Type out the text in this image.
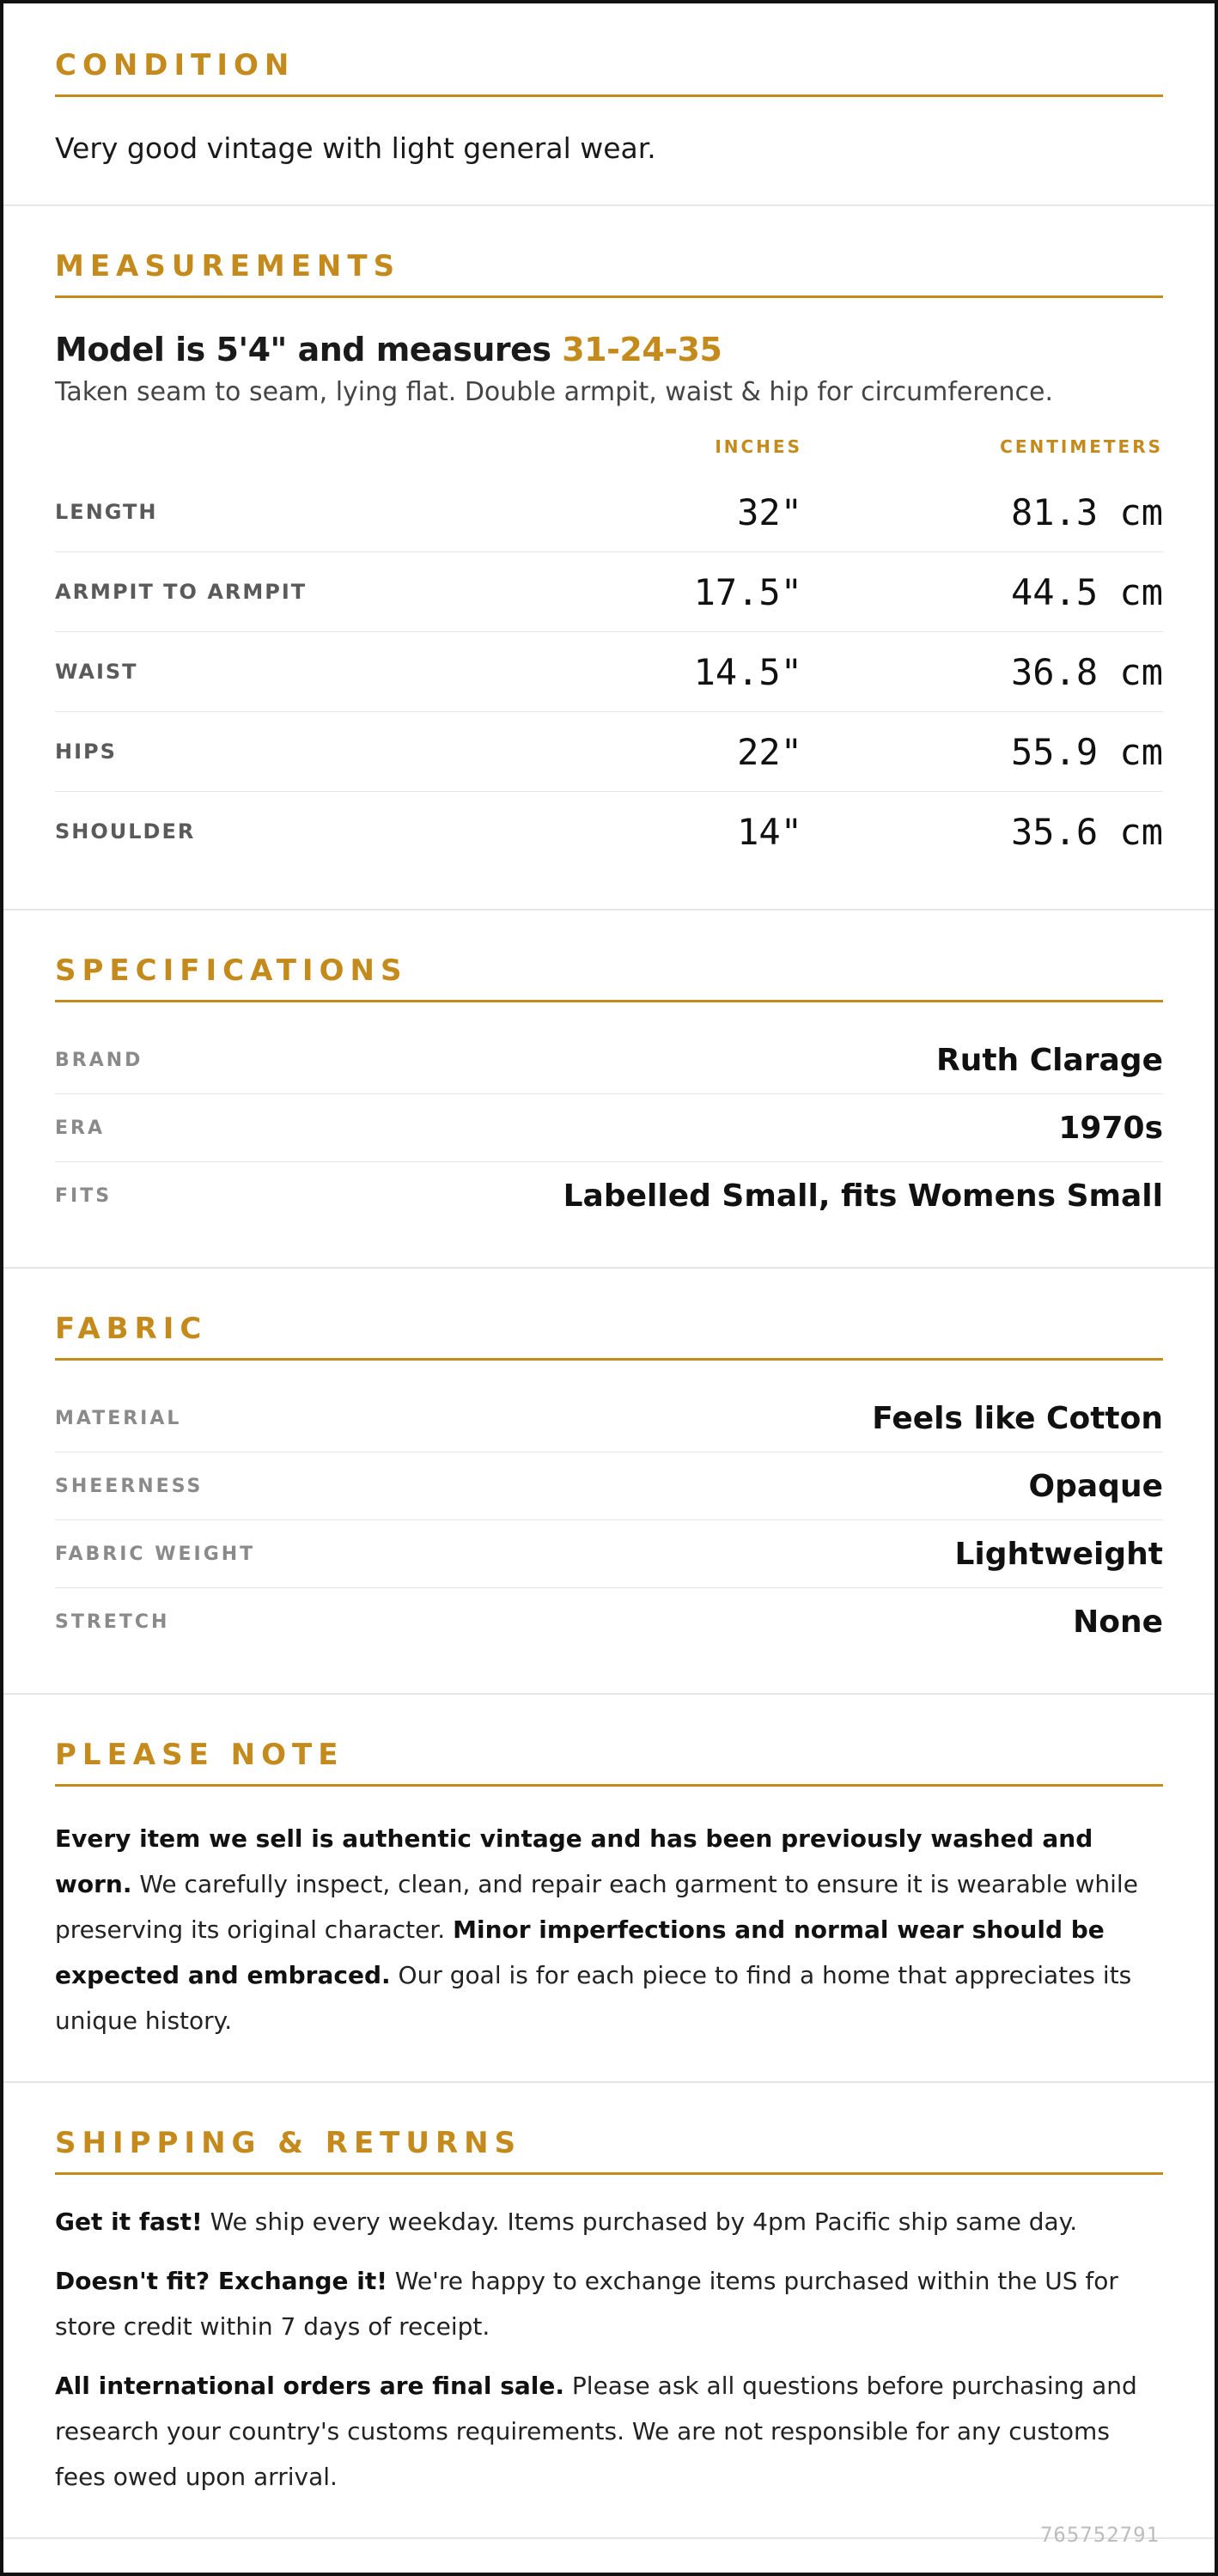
CONDITION
Very good vintage with light general wear.
MEASUREMENTS
Model is 5'4" and measures 31-24-35
Taken seam to seam, lying flat. Double armpit, waist & hip for circumference.
INCHES	CENTIMETERS
LENGTH	32"	81.3 cm
ARMPIT TO ARMPIT	17.5"	44.5 cm
WAIST	14.5"	36.8 cm
HIPS	22"	55.9 cm
SHOULDER	14"	35.6 cm
SPECIFICATIONS
BRAND	Ruth Clarage
ERA	1970s
FITS	Labelled Small, fits Womens Small
FABRIC
MATERIAL	Feels like Cotton
SHEERNESS	Opaque
FABRIC WEIGHT	Lightweight
STRETCH	None
PLEASE NOTE

Every item we sell is authentic vintage and has been previously washed and worn. We carefully inspect, clean, and repair each garment to ensure it is wearable while preserving its original character. Minor imperfections and normal wear should be expected and embraced. Our goal is for each piece to find a home that appreciates its unique history.

SHIPPING & RETURNS

Get it fast! We ship every weekday. Items purchased by 4pm Pacific ship same day.

Doesn't fit? Exchange it! We're happy to exchange items purchased within the US for store credit within 7 days of receipt.

All international orders are final sale. Please ask all questions before purchasing and research your country's customs requirements. We are not responsible for any customs fees owed upon arrival.

765752791
